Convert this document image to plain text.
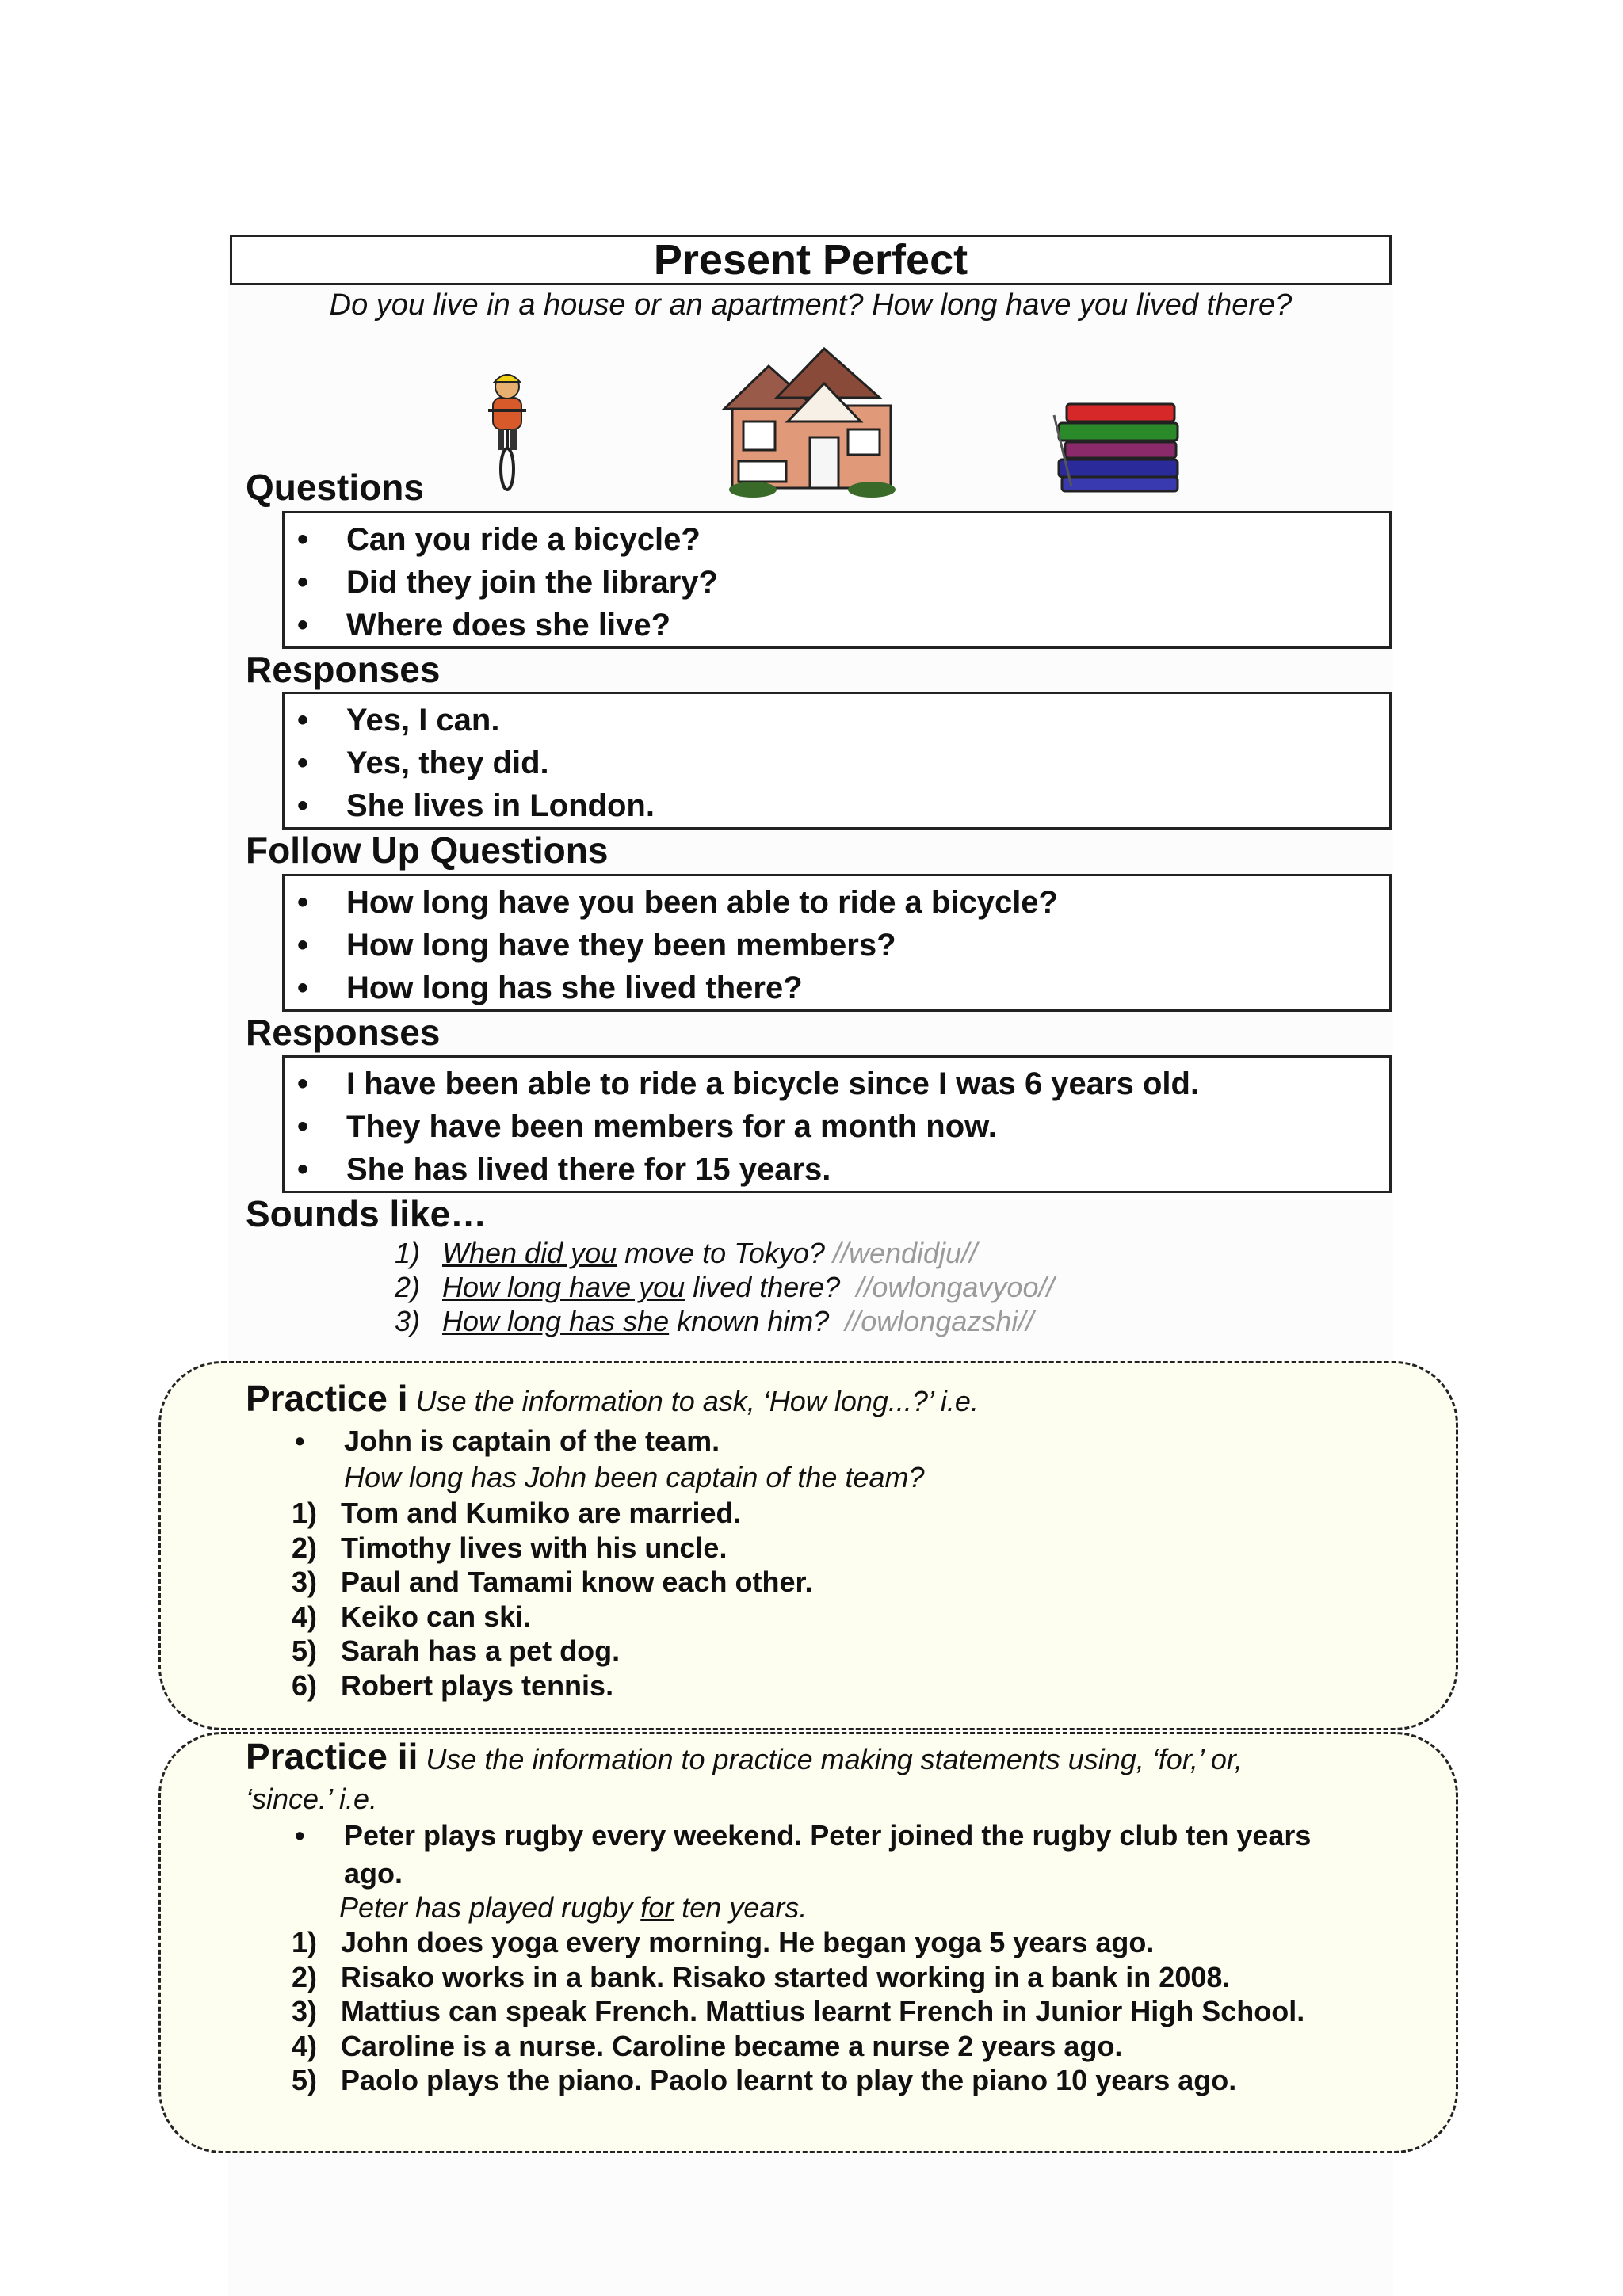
Present Perfect
Do you live in a house or an apartment? How long have you lived there?
Questions
• Can you ride a bicycle?
• Did they join the library?
• Where does she live?
Responses
• Yes, I can.
• Yes, they did.
• She lives in London.
Follow Up Questions
• How long have you been able to ride a bicycle?
• How long have they been members?
• How long has she lived there?
Responses
• I have been able to ride a bicycle since I was 6 years old.
• They have been members for a month now.
• She has lived there for 15 years.
Sounds like…
1) When did you move to Tokyo? //wendidju//
2) How long have you lived there?  //owlongavyoo//
3) How long has she known him?  //owlongazshi//
Practice i Use the information to ask, ‘How long...?’ i.e.
• John is captain of the team.
How long has John been captain of the team?
1) Tom and Kumiko are married.
2) Timothy lives with his uncle.
3) Paul and Tamami know each other.
4) Keiko can ski.
5) Sarah has a pet dog.
6) Robert plays tennis.
Practice ii Use the information to practice making statements using, ‘for,’ or,
‘since.’ i.e.
• Peter plays rugby every weekend. Peter joined the rugby club ten years
ago.
Peter has played rugby for ten years.
1) John does yoga every morning. He began yoga 5 years ago.
2) Risako works in a bank. Risako started working in a bank in 2008.
3) Mattius can speak French. Mattius learnt French in Junior High School.
4) Caroline is a nurse. Caroline became a nurse 2 years ago.
5) Paolo plays the piano. Paolo learnt to play the piano 10 years ago.
